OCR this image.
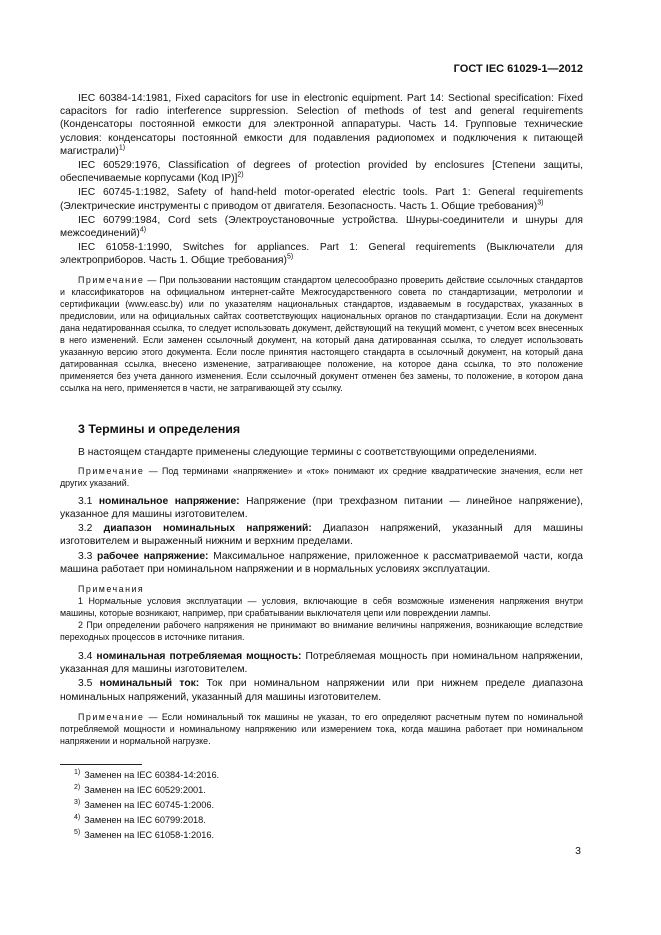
ГОСТ IEC 61029-1—2012

IEC 60384-14:1981, Fixed capacitors for use in electronic equipment. Part 14: Sectional specification: Fixed capacitors for radio interference suppression. Selection of methods of test and general requirements (Конденсаторы постоянной емкости для электронной аппаратуры. Часть 14. Групповые технические условия: конденсаторы постоянной емкости для подавления радиопомех и подключения к питающей магистрали)$^{1)}$

IEC 60529:1976, Classification of degrees of protection provided by enclosures [Степени защиты, обеспечиваемые корпусами (Код IP)]$^{2)}$

IEC 60745-1:1982, Safety of hand-held motor-operated electric tools. Part 1: General requirements (Электрические инструменты с приводом от двигателя. Безопасность. Часть 1. Общие требования)$^{3)}$

IEC 60799:1984, Cord sets (Электроустановочные устройства. Шнуры-соединители и шнуры для межсоединений)$^{4)}$

IEC 61058-1:1990, Switches for appliances. Part 1: General requirements (Выключатели для электроприборов. Часть 1. Общие требования)$^{5)}$

Примечание — При пользовании настоящим стандартом целесообразно проверить действие ссылочных стандартов и классификаторов на официальном интернет-сайте Межгосударственного совета по стандартизации, метрологии и сертификации (www.easc.by) или по указателям национальных стандартов, издаваемым в государствах, указанных в предисловии, или на официальных сайтах соответствующих национальных органов по стандартизации. Если на документ дана недатированная ссылка, то следует использовать документ, действующий на текущий момент, с учетом всех внесенных в него изменений. Если заменен ссылочный документ, на который дана датированная ссылка, то следует использовать указанную версию этого документа. Если после принятия настоящего стандарта в ссылочный документ, на который дана датированная ссылка, внесено изменение, затрагивающее положение, на которое дана ссылка, то это положение применяется без учета данного изменения. Если ссылочный документ отменен без замены, то положение, в котором дана ссылка на него, применяется в части, не затрагивающей эту ссылку.

3 Термины и определения

В настоящем стандарте применены следующие термины с соответствующими определениями.

Примечание — Под терминами «напряжение» и «ток» понимают их средние квадратические значения, если нет других указаний.

3.1 номинальное напряжение: Напряжение (при трехфазном питании — линейное напряжение), указанное для машины изготовителем.

3.2 диапазон номинальных напряжений: Диапазон напряжений, указанный для машины изготовителем и выраженный нижним и верхним пределами.

3.3 рабочее напряжение: Максимальное напряжение, приложенное к рассматриваемой части, когда машина работает при номинальном напряжении и в нормальных условиях эксплуатации.

Примечания

1 Нормальные условия эксплуатации — условия, включающие в себя возможные изменения напряжения внутри машины, которые возникают, например, при срабатывании выключателя цепи или повреждении лампы.

2 При определении рабочего напряжения не принимают во внимание величины напряжения, возникающие вследствие переходных процессов в источнике питания.

3.4 номинальная потребляемая мощность: Потребляемая мощность при номинальном напряжении, указанная для машины изготовителем.

3.5 номинальный ток: Ток при номинальном напряжении или при нижнем пределе диапазона номинальных напряжений, указанный для машины изготовителем.

Примечание — Если номинальный ток машины не указан, то его определяют расчетным путем по номинальной потребляемой мощности и номинальному напряжению или измерением тока, когда машина работает при номинальном напряжении и нормальной нагрузке.

$^{1)}$ Заменен на IEC 60384-14:2016.
$^{2)}$ Заменен на IEC 60529:2001.
$^{3)}$ Заменен на IEC 60745-1:2006.
$^{4)}$ Заменен на IEC 60799:2018.
$^{5)}$ Заменен на IEC 61058-1:2016.
3
